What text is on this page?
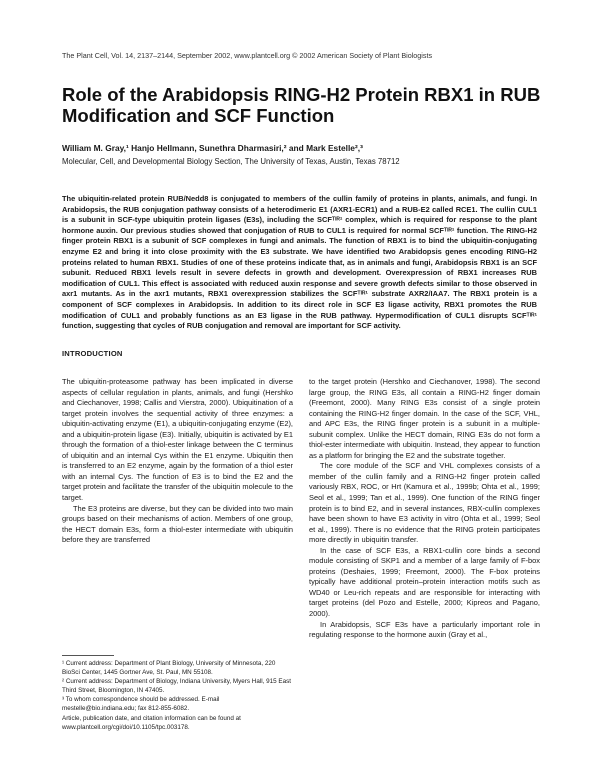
The Plant Cell, Vol. 14, 2137–2144, September 2002, www.plantcell.org © 2002 American Society of Plant Biologists
Role of the Arabidopsis RING-H2 Protein RBX1 in RUB Modification and SCF Function
William M. Gray,¹ Hanjo Hellmann, Sunethra Dharmasiri,² and Mark Estelle²,³
Molecular, Cell, and Developmental Biology Section, The University of Texas, Austin, Texas 78712
The ubiquitin-related protein RUB/Nedd8 is conjugated to members of the cullin family of proteins in plants, animals, and fungi. In Arabidopsis, the RUB conjugation pathway consists of a heterodimeric E1 (AXR1-ECR1) and a RUB-E2 called RCE1. The cullin CUL1 is a subunit in SCF-type ubiquitin protein ligases (E3s), including the SCFᵀᴵᴿ¹ complex, which is required for response to the plant hormone auxin. Our previous studies showed that conjugation of RUB to CUL1 is required for normal SCFᵀᴵᴿ¹ function. The RING-H2 finger protein RBX1 is a subunit of SCF complexes in fungi and animals. The function of RBX1 is to bind the ubiquitin-conjugating enzyme E2 and bring it into close proximity with the E3 substrate. We have identified two Arabidopsis genes encoding RING-H2 proteins related to human RBX1. Studies of one of these proteins indicate that, as in animals and fungi, Arabidopsis RBX1 is an SCF subunit. Reduced RBX1 levels result in severe defects in growth and development. Overexpression of RBX1 increases RUB modification of CUL1. This effect is associated with reduced auxin response and severe growth defects similar to those observed in axr1 mutants. As in the axr1 mutants, RBX1 overexpression stabilizes the SCFᵀᴵᴿ¹ substrate AXR2/IAA7. The RBX1 protein is a component of SCF complexes in Arabidopsis. In addition to its direct role in SCF E3 ligase activity, RBX1 promotes the RUB modification of CUL1 and probably functions as an E3 ligase in the RUB pathway. Hypermodification of CUL1 disrupts SCFᵀᴵᴿ¹ function, suggesting that cycles of RUB conjugation and removal are important for SCF activity.
INTRODUCTION

The ubiquitin-proteasome pathway has been implicated in diverse aspects of cellular regulation in plants, animals, and fungi (Hershko and Ciechanover, 1998; Callis and Vierstra, 2000). Ubiquitination of a target protein involves the sequential activity of three enzymes: a ubiquitin-activating enzyme (E1), a ubiquitin-conjugating enzyme (E2), and a ubiquitin-protein ligase (E3). Initially, ubiquitin is activated by E1 through the formation of a thiol-ester linkage between the C terminus of ubiquitin and an internal Cys within the E1 enzyme. Ubiquitin then is transferred to an E2 enzyme, again by the formation of a thiol ester with an internal Cys. The function of E3 is to bind the E2 and the target protein and facilitate the transfer of the ubiquitin molecule to the target.

The E3 proteins are diverse, but they can be divided into two main groups based on their mechanisms of action. Members of one group, the HECT domain E3s, form a thiol-ester intermediate with ubiquitin before they are transferred

¹ Current address: Department of Plant Biology, University of Minnesota, 220 BioSci Center, 1445 Gortner Ave, St. Paul, MN 55108.

² Current address: Department of Biology, Indiana University, Myers Hall, 915 East Third Street, Bloomington, IN 47405.

³ To whom correspondence should be addressed. E-mail mestelle@bio.indiana.edu; fax 812-855-6082.

Article, publication date, and citation information can be found at www.plantcell.org/cgi/doi/10.1105/tpc.003178.

to the target protein (Hershko and Ciechanover, 1998). The second large group, the RING E3s, all contain a RING-H2 finger domain (Freemont, 2000). Many RING E3s consist of a single protein containing the RING-H2 finger domain. In the case of the SCF, VHL, and APC E3s, the RING finger protein is a subunit in a multiple-subunit complex. Unlike the HECT domain, RING E3s do not form a thiol-ester intermediate with ubiquitin. Instead, they appear to function as a platform for bringing the E2 and the substrate together.

The core module of the SCF and VHL complexes consists of a member of the cullin family and a RING-H2 finger protein called variously RBX, ROC, or Hrt (Kamura et al., 1999b; Ohta et al., 1999; Seol et al., 1999; Tan et al., 1999). One function of the RING finger protein is to bind E2, and in several instances, RBX-cullin complexes have been shown to have E3 activity in vitro (Ohta et al., 1999; Seol et al., 1999). There is no evidence that the RING protein participates more directly in ubiquitin transfer.

In the case of SCF E3s, a RBX1-cullin core binds a second module consisting of SKP1 and a member of a large family of F-box proteins (Deshaies, 1999; Freemont, 2000). The F-box proteins typically have additional protein–protein interaction motifs such as WD40 or Leu-rich repeats and are responsible for interacting with target proteins (del Pozo and Estelle, 2000; Kipreos and Pagano, 2000).

In Arabidopsis, SCF E3s have a particularly important role in regulating response to the hormone auxin (Gray et al.,
